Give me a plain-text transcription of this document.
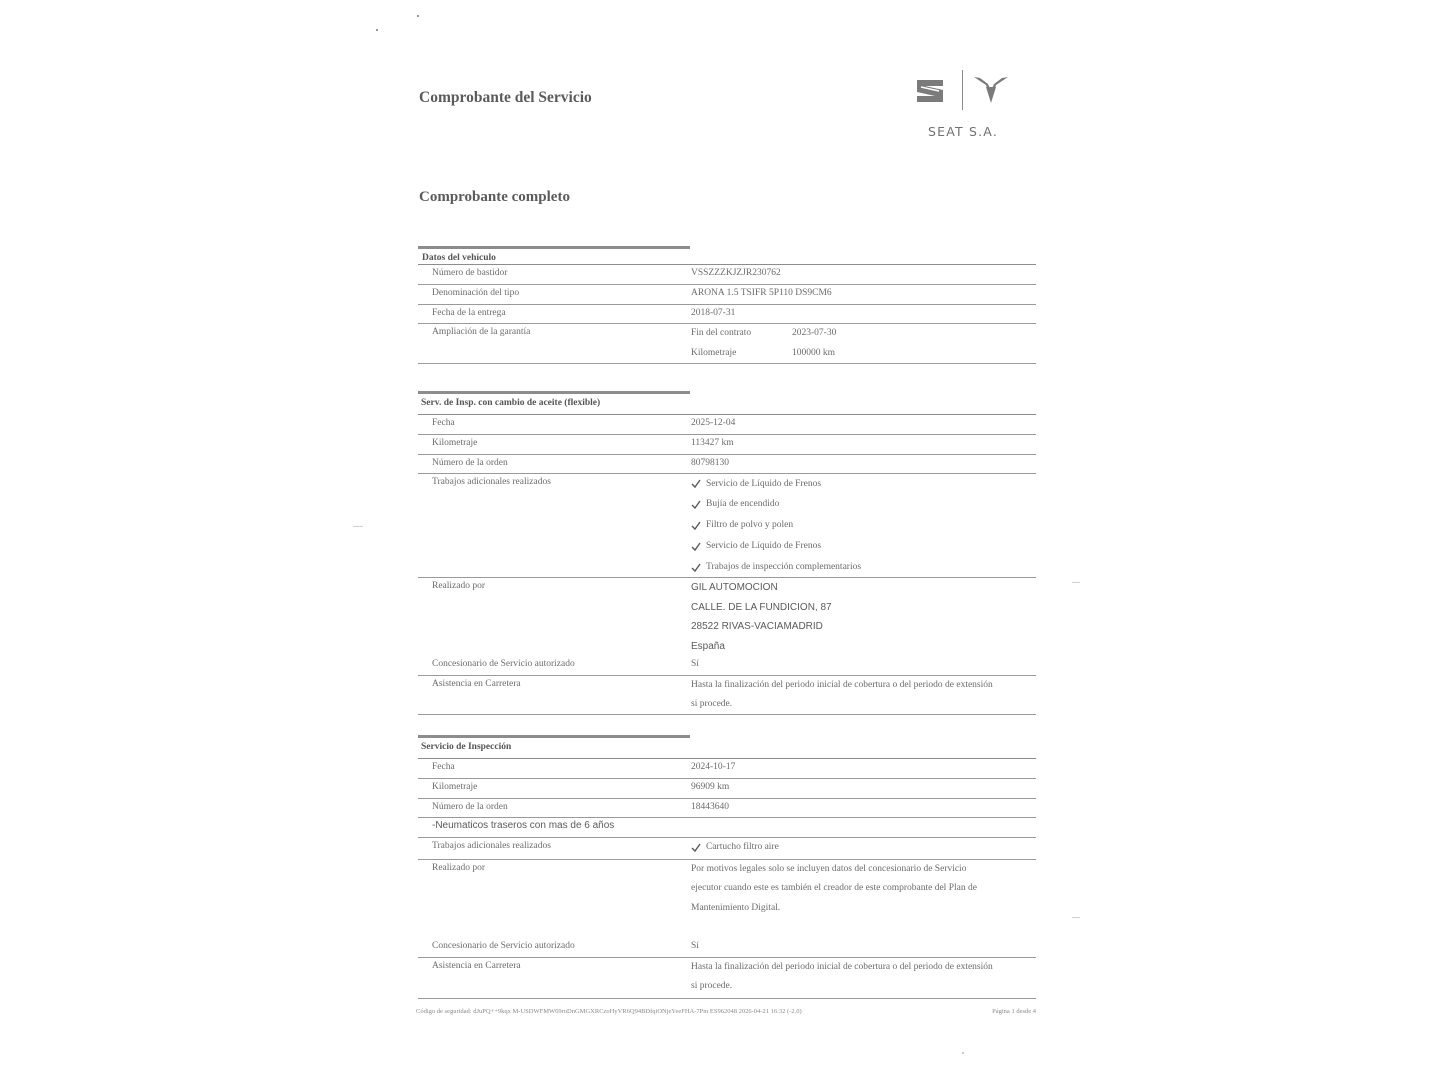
Comprobante del Servicio
SEAT S.A.
Comprobante completo
Datos del vehículo
Número de bastidor	VSSZZZKJZJR230762
Denominación del tipo	ARONA 1.5 TSIFR 5P110 DS9CM6
Fecha de la entrega	2018-07-31
Ampliación de la garantía	Fin del contrato	2023-07-30
Kilometraje	100000 km
Serv. de Insp. con cambio de aceite (flexible)
Fecha	2025-12-04
Kilometraje	113427 km
Número de la orden	80798130
Trabajos adicionales realizados	Servicio de Líquido de Frenos
Bujía de encendido
Filtro de polvo y polen
Servicio de Líquido de Frenos
Trabajos de inspección complementarios
Realizado por	GIL AUTOMOCION
CALLE. DE LA FUNDICION, 87
28522 RIVAS-VACIAMADRID
España
Concesionario de Servicio autorizado	Sí
Asistencia en Carretera	Hasta la finalización del periodo inicial de cobertura o del periodo de extensión
si procede.
Servicio de Inspección
Fecha	2024-10-17
Kilometraje	96909 km
Número de la orden	18443640
-Neumaticos traseros con mas de 6 años
Trabajos adicionales realizados	Cartucho filtro aire
Realizado por	Por motivos legales solo se incluyen datos del concesionario de Servicio
ejecutor cuando este es también el creador de este comprobante del Plan de
Mantenimiento Digital.
Concesionario de Servicio autorizado	Sí
Asistencia en Carretera	Hasta la finalización del periodo inicial de cobertura o del periodo de extensión
si procede.
Código de seguridad: dJuPQ++9kqx M-USDWFMW69ruDnGMGXRCzoHyVR6Q94BDfqiONjeYeeFHA-7Pm ES962048 2026-04-21 16:32 (-2.0)	Página 1 desde 4
